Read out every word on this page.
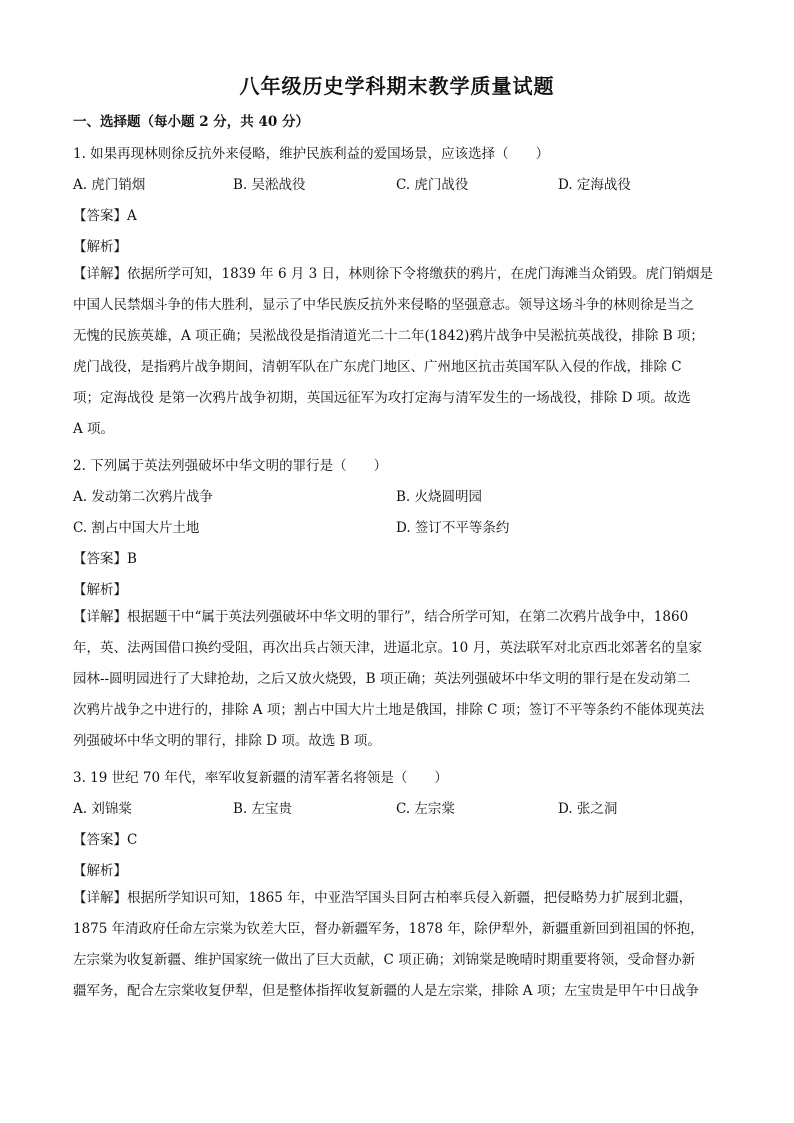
八年级历史学科期末教学质量试题
一、选择题（每小题 2 分，共 40 分）
1. 如果再现林则徐反抗外来侵略，维护民族利益的爱国场景，应该选择（　　）
A. 虎门销烟	B. 吴淞战役	C. 虎门战役	D. 定海战役
【答案】A
【解析】
【详解】依据所学可知，1839 年 6 月 3 日，林则徐下令将缴获的鸦片，在虎门海滩当众销毁。虎门销烟是
中国人民禁烟斗争的伟大胜利，显示了中华民族反抗外来侵略的坚强意志。领导这场斗争的林则徐是当之
无愧的民族英雄，A 项正确；吴淞战役是指清道光二十二年(1842)鸦片战争中吴淞抗英战役，排除 B 项；
虎门战役，是指鸦片战争期间，清朝军队在广东虎门地区、广州地区抗击英国军队入侵的作战，排除 C
项；定海战役 是第一次鸦片战争初期，英国远征军为攻打定海与清军发生的一场战役，排除 D 项。故选
A 项。
2. 下列属于英法列强破坏中华文明的罪行是（　　）
A. 发动第二次鸦片战争	B. 火烧圆明园
C. 割占中国大片土地	D. 签订不平等条约
【答案】B
【解析】
【详解】根据题干中“属于英法列强破坏中华文明的罪行”，结合所学可知，在第二次鸦片战争中，1860
年，英、法两国借口换约受阻，再次出兵占领天津，进逼北京。10 月，英法联军对北京西北郊著名的皇家
园林--圆明园进行了大肆抢劫，之后又放火烧毁，B 项正确；英法列强破坏中华文明的罪行是在发动第二
次鸦片战争之中进行的，排除 A 项；割占中国大片土地是俄国，排除 C 项；签订不平等条约不能体现英法
列强破坏中华文明的罪行，排除 D 项。故选 B 项。
3. 19 世纪 70 年代，率军收复新疆的清军著名将领是（　　）
A. 刘锦棠	B. 左宝贵	C. 左宗棠	D. 张之洞
【答案】C
【解析】
【详解】根据所学知识可知，1865 年，中亚浩罕国头目阿古柏率兵侵入新疆，把侵略势力扩展到北疆，
1875 年清政府任命左宗棠为钦差大臣，督办新疆军务，1878 年，除伊犁外，新疆重新回到祖国的怀抱，
左宗棠为收复新疆、维护国家统一做出了巨大贡献，C 项正确；刘锦棠是晚晴时期重要将领，受命督办新
疆军务，配合左宗棠收复伊犁，但是整体指挥收复新疆的人是左宗棠，排除 A 项；左宝贵是甲午中日战争
